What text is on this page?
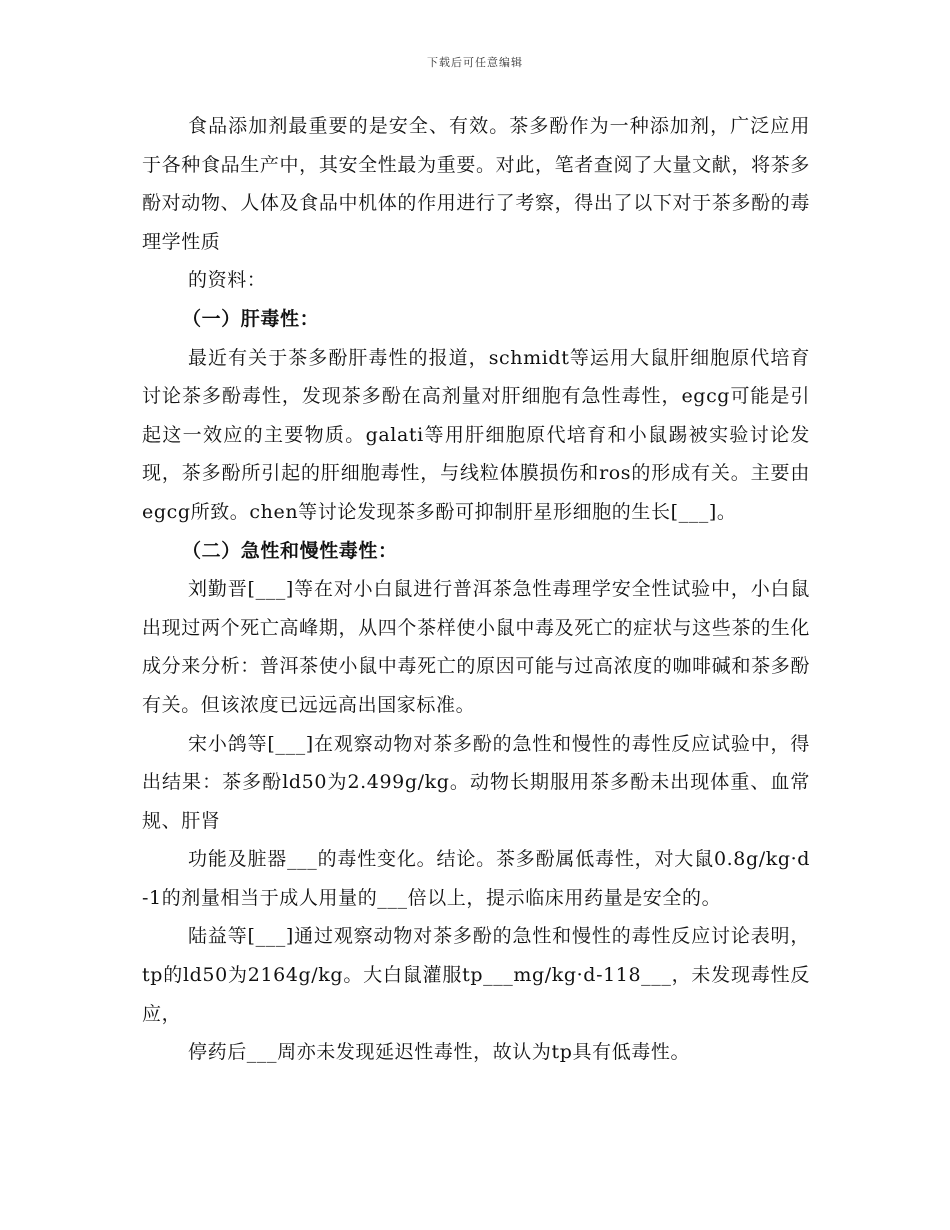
下载后可任意编辑

食品添加剂最重要的是安全、有效。茶多酚作为一种添加剂，广泛应用于各种食品生产中，其安全性最为重要。对此，笔者查阅了大量文献，将茶多酚对动物、人体及食品中机体的作用进行了考察，得出了以下对于茶多酚的毒理学性质

的资料：

（一）肝毒性：

最近有关于茶多酚肝毒性的报道，schmidt等运用大鼠肝细胞原代培育讨论茶多酚毒性，发现茶多酚在高剂量对肝细胞有急性毒性，egcg可能是引起这一效应的主要物质。galati等用肝细胞原代培育和小鼠踢被实验讨论发现，茶多酚所引起的肝细胞毒性，与线粒体膜损伤和ros的形成有关。主要由egcg所致。chen等讨论发现茶多酚可抑制肝星形细胞的生长[___]。

（二）急性和慢性毒性：

刘勤晋[___]等在对小白鼠进行普洱茶急性毒理学安全性试验中，小白鼠出现过两个死亡高峰期，从四个茶样使小鼠中毒及死亡的症状与这些茶的生化成分来分析：普洱茶使小鼠中毒死亡的原因可能与过高浓度的咖啡碱和茶多酚有关。但该浓度已远远高出国家标准。

宋小鸽等[___]在观察动物对茶多酚的急性和慢性的毒性反应试验中，得出结果：茶多酚ld50为2.499g/kg。动物长期服用茶多酚未出现体重、血常规、肝肾

功能及脏器___的毒性变化。结论。茶多酚属低毒性，对大鼠0.8g/kg·d-1的剂量相当于成人用量的___倍以上，提示临床用药量是安全的。

陆益等[___]通过观察动物对茶多酚的急性和慢性的毒性反应讨论表明，tp的ld50为2164g/kg。大白鼠灌服tp___mg/kg·d-118___，未发现毒性反应，

停药后___周亦未发现延迟性毒性，故认为tp具有低毒性。
